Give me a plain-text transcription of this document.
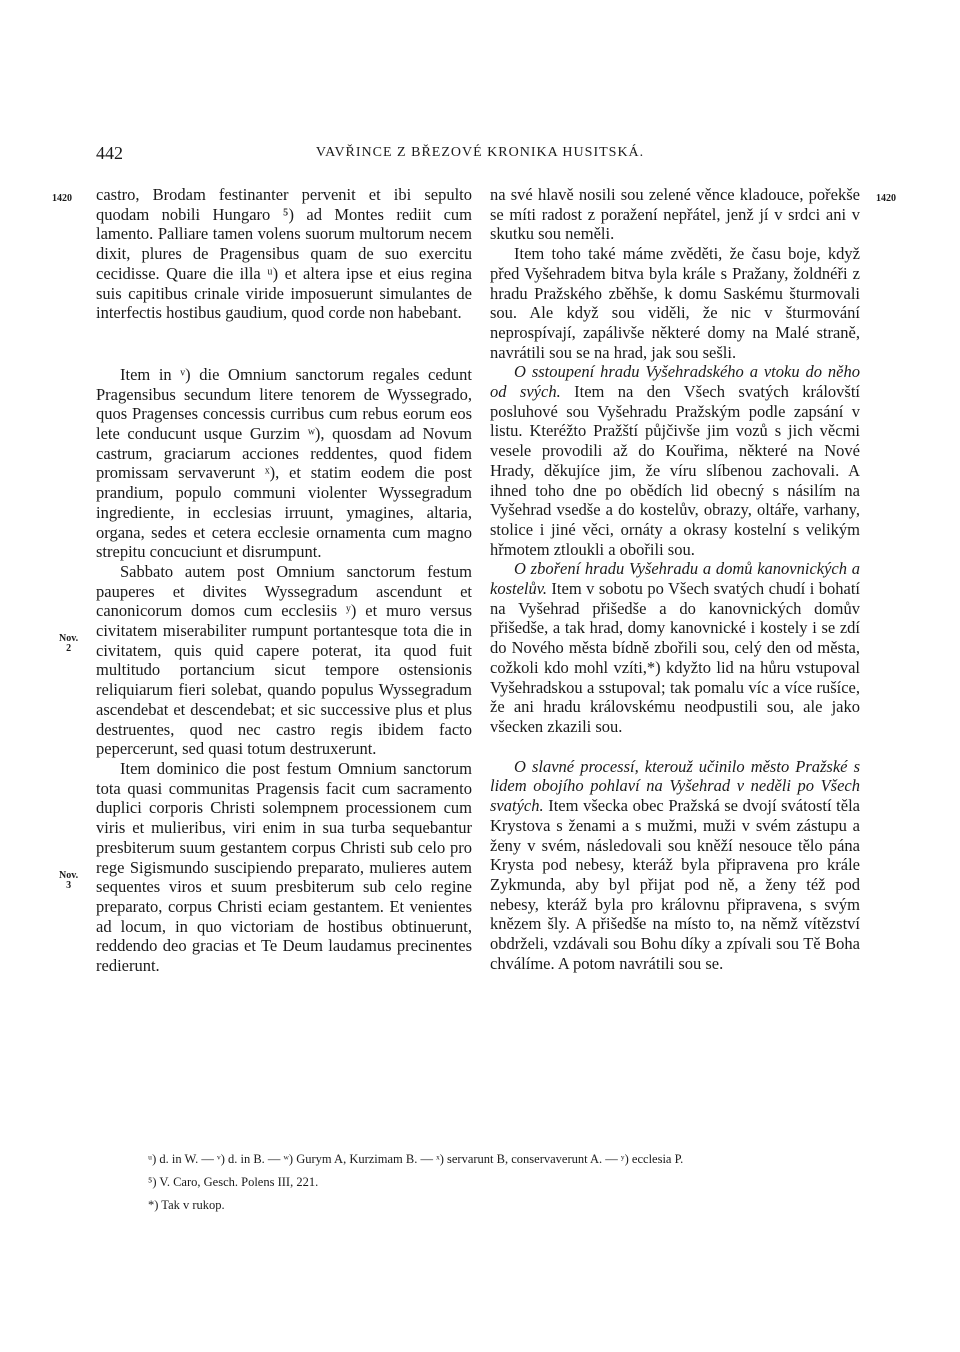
442	VAVŘINCE Z BŘEZOVÉ KRONIKA HUSITSKÁ.
1420	1420
Nov.
2
Nov.
3

castro, Brodam festinanter pervenit et ibi sepulto quodam nobili Hungaro ⁵) ad Montes rediit cum lamento. Palliare tamen volens suorum multorum necem dixit, plures de Pragensibus quam de suo exercitu cecidisse. Quare die illa ᵘ) et altera ipse et eius regina suis capitibus crinale viride imposuerunt simulantes de interfectis hostibus gaudium, quod corde non habebant.

Item in ᵛ) die Omnium sanctorum regales cedunt Pragensibus secundum litere tenorem de Wyssegrado, quos Pragenses concessis curribus cum rebus eorum eos lete conducunt usque Gurzim ʷ), quosdam ad Novum castrum, graciarum acciones reddentes, quod fidem promissam servaverunt ˣ), et statim eodem die post prandium, populo communi violenter Wyssegradum ingrediente, in ecclesias irruunt, ymagines, altaria, organa, sedes et cetera ecclesie ornamenta cum magno strepitu concuciunt et disrumpunt.

Sabbato autem post Omnium sanctorum festum pauperes et divites Wyssegradum ascendunt et canonicorum domos cum ecclesiis ʸ) et muro versus civitatem miserabiliter rumpunt portantesque tota die in civitatem, quis quid capere poterat, ita quod fuit multitudo portancium sicut tempore ostensionis reliquiarum fieri solebat, quando populus Wyssegradum ascendebat et descendebat; et sic successive plus et plus destruentes, quod nec castro regis ibidem facto pepercerunt, sed quasi totum destruxerunt.

Item dominico die post festum Omnium sanctorum tota quasi communitas Pragensis facit cum sacramento duplici corporis Christi solempnem processionem cum viris et mulieribus, viri enim in sua turba sequebantur presbiterum suum gestantem corpus Christi sub celo pro rege Sigismundo suscipiendo preparato, mulieres autem sequentes viros et suum presbiterum sub celo regine preparato, corpus Christi eciam gestantem. Et venientes ad locum, in quo victoriam de hostibus obtinuerunt, reddendo deo gracias et Te Deum laudamus precinentes redierunt.

na své hlavě nosili sou zelené věnce kladouce, pořekše se míti radost z poražení nepřátel, jenž jí v srdci ani v skutku sou neměli.

Item toho také máme zvěděti, že času boje, když před Vyšehradem bitva byla krále s Pražany, žoldnéři z hradu Pražského zběhše, k domu Saskému šturmovali sou. Ale když sou viděli, že nic v šturmování neprospívají, zapálivše některé domy na Malé straně, navrátili sou se na hrad, jak sou sešli.

O sstoupení hradu Vyšehradského a vtoku do něho od svých. Item na den Všech svatých královští posluhové sou Vyšehradu Pražským podle zapsání v listu. Kteréžto Pražští půjčivše jim vozů s jich věcmi vesele provodili až do Kouřima, některé na Nové Hrady, děkujíce jim, že víru slíbenou zachovali. A ihned toho dne po obědích lid obecný s násilím na Vyšehrad vsedše a do kostelův, obrazy, oltáře, varhany, stolice i jiné věci, ornáty a okrasy kostelní s velikým hřmotem ztloukli a obořili sou.

O zboření hradu Vyšehradu a domů kanovnických a kostelův. Item v sobotu po Všech svatých chudí i bohatí na Vyšehrad přišedše a do kanovnických domův přišedše, a tak hrad, domy kanovnické i kostely i se zdí do Nového města bídně zbořili sou, celý den od města, cožkoli kdo mohl vzíti,*) kdyžto lid na hůru vstupoval Vyšehradskou a sstupoval; tak pomalu víc a více rušíce, že ani hradu královskému neodpustili sou, ale jako všecken zkazili sou.

O slavné processí, kterouž učinilo město Pražské s lidem obojího pohlaví na Vyšehrad v neděli po Všech svatých. Item všecka obec Pražská se dvojí svátostí těla Krystova s ženami a s mužmi, muži v svém zástupu a ženy v svém, následovali sou kněží nesouce tělo pána Krysta pod nebesy, kteráž byla připravena pro krále Zykmunda, aby byl přijat pod ně, a ženy též pod nebesy, kteráž byla pro královnu připravena, s svým knězem šly. A přišedše na místo to, na němž vítězství obdrželi, vzdávali sou Bohu díky a zpívali sou Tě Boha chválíme. A potom navrátili sou se.

ᵘ) d. in W. — ᵛ) d. in B. — ʷ) Gurym A, Kurzimam B. — ˣ) servarunt B, conservaverunt A. — ʸ) ecclesia P.

⁵) V. Caro, Gesch. Polens III, 221.

*) Tak v rukop.
